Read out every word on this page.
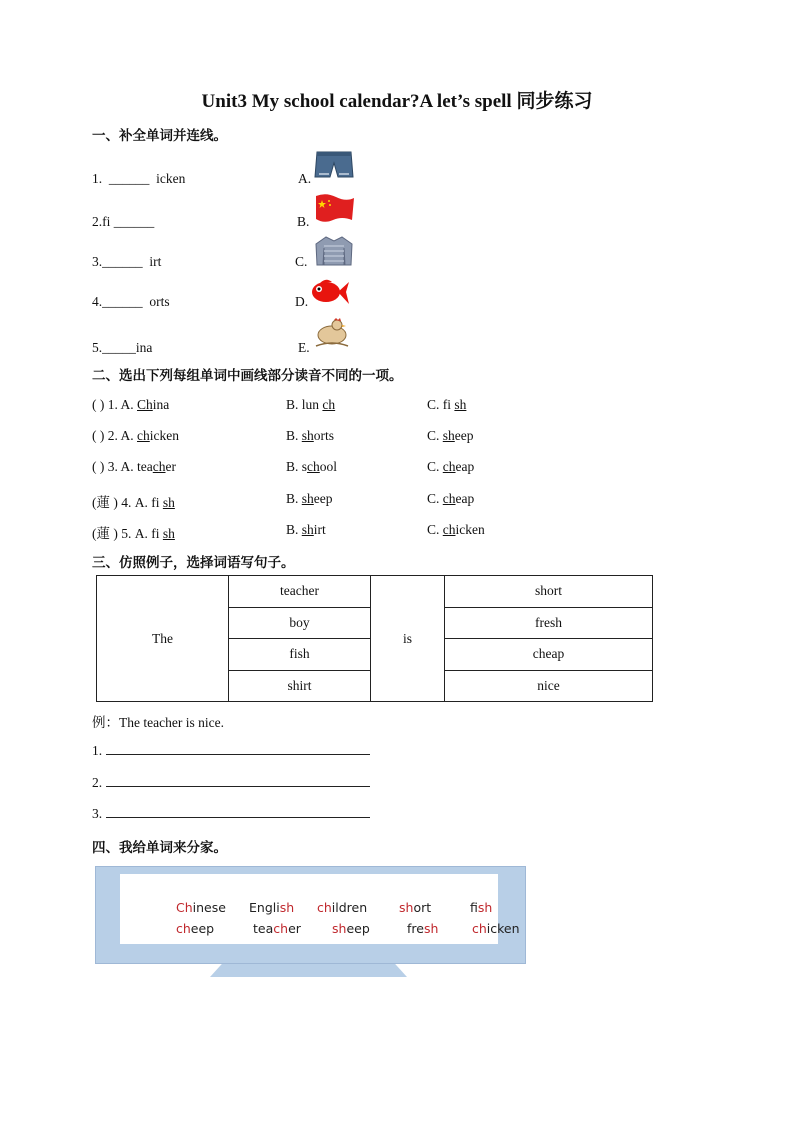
Unit3 My school calendar?A let’s spell 同步练习
一、补全单词并连线。
1. ______ icken
2.fi ______
3.______ irt
4.______ orts
5._____ina
A.
B.
C.
D.
E.
二、选出下列每组单词中画线部分读音不同的一项。
( ) 1. A. China	B. lun ch	C. fi sh
( ) 2. A. chicken	B. shorts	C. sheep
( ) 3. A. teacher	B. school	C. cheap
(蓮 ) 4. A. fi sh	B. sheep	C. cheap
(蓮 ) 5. A. fi sh	B. shirt	C. chicken
三、仿照例子，选择词语写句子。
The	teacher	is	short
	boy		fresh
	fish		cheap
	shirt		nice
例：The teacher is nice.
1.
2.
3.
四、我给单词来分家。
Chinese English children	short	fish
cheep	teacher sheep	fresh	chicken
